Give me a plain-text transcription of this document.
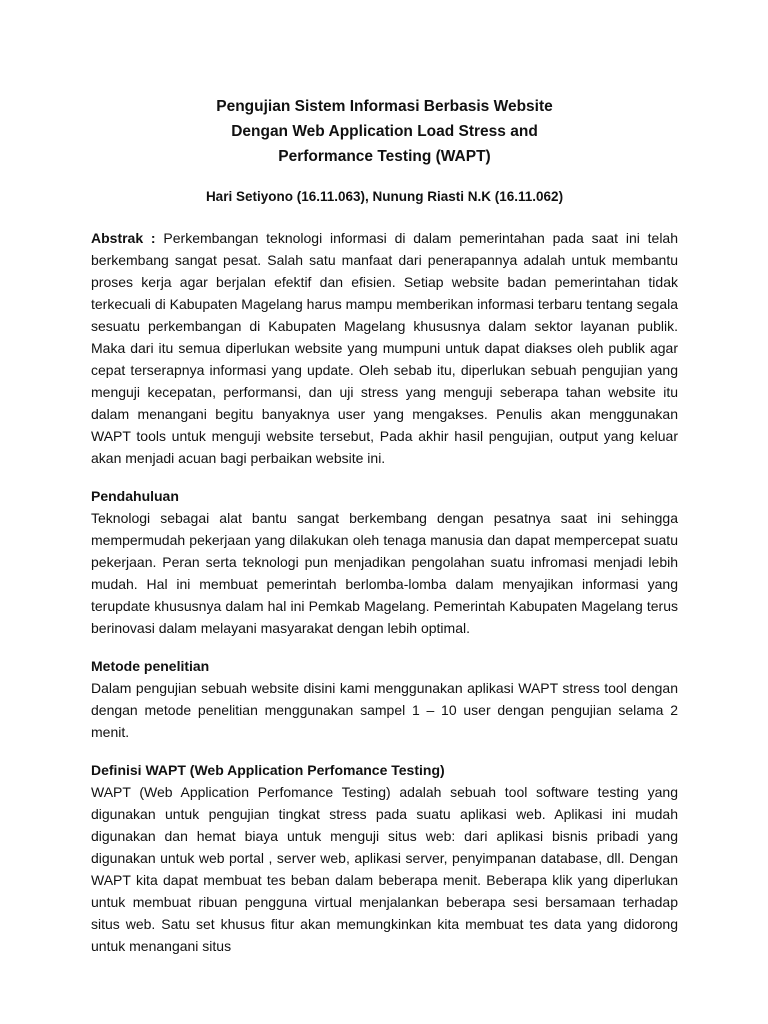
Pengujian Sistem Informasi Berbasis Website
Dengan Web Application Load Stress and
Performance Testing (WAPT)
Hari Setiyono (16.11.063), Nunung Riasti N.K (16.11.062)

Abstrak : Perkembangan teknologi informasi di dalam pemerintahan pada saat ini telah berkembang sangat pesat. Salah satu manfaat dari penerapannya adalah untuk membantu proses kerja agar berjalan efektif dan efisien. Setiap website badan pemerintahan tidak terkecuali di Kabupaten Magelang harus mampu memberikan informasi terbaru tentang segala sesuatu perkembangan di Kabupaten Magelang khususnya dalam sektor layanan publik. Maka dari itu semua diperlukan website yang mumpuni untuk dapat diakses oleh publik agar cepat terserapnya informasi yang update. Oleh sebab itu, diperlukan sebuah pengujian yang menguji kecepatan, performansi, dan uji stress yang menguji seberapa tahan website itu dalam menangani begitu banyaknya user yang mengakses. Penulis akan menggunakan WAPT tools untuk menguji website tersebut, Pada akhir hasil pengujian, output yang keluar akan menjadi acuan bagi perbaikan website ini.

Pendahuluan

Teknologi sebagai alat bantu sangat berkembang dengan pesatnya saat ini sehingga mempermudah pekerjaan yang dilakukan oleh tenaga manusia dan dapat mempercepat suatu pekerjaan. Peran serta teknologi pun menjadikan pengolahan suatu infromasi menjadi lebih mudah. Hal ini membuat pemerintah berlomba-lomba dalam menyajikan informasi yang terupdate khususnya dalam hal ini Pemkab Magelang. Pemerintah Kabupaten Magelang terus berinovasi dalam melayani masyarakat dengan lebih optimal.

Metode penelitian

Dalam pengujian sebuah website disini kami menggunakan aplikasi WAPT stress tool dengan dengan metode penelitian menggunakan sampel 1 – 10 user dengan pengujian selama 2 menit.

Definisi WAPT (Web Application Perfomance Testing)

WAPT (Web Application Perfomance Testing) adalah sebuah tool software testing yang digunakan untuk pengujian tingkat stress pada suatu aplikasi web. Aplikasi ini mudah digunakan dan hemat biaya untuk menguji situs web: dari aplikasi bisnis pribadi yang digunakan untuk web portal , server web, aplikasi server, penyimpanan database, dll. Dengan WAPT kita dapat membuat tes beban dalam beberapa menit. Beberapa klik yang diperlukan untuk membuat ribuan pengguna virtual menjalankan beberapa sesi bersamaan terhadap situs web. Satu set khusus fitur akan memungkinkan kita membuat tes data yang didorong untuk menangani situs
